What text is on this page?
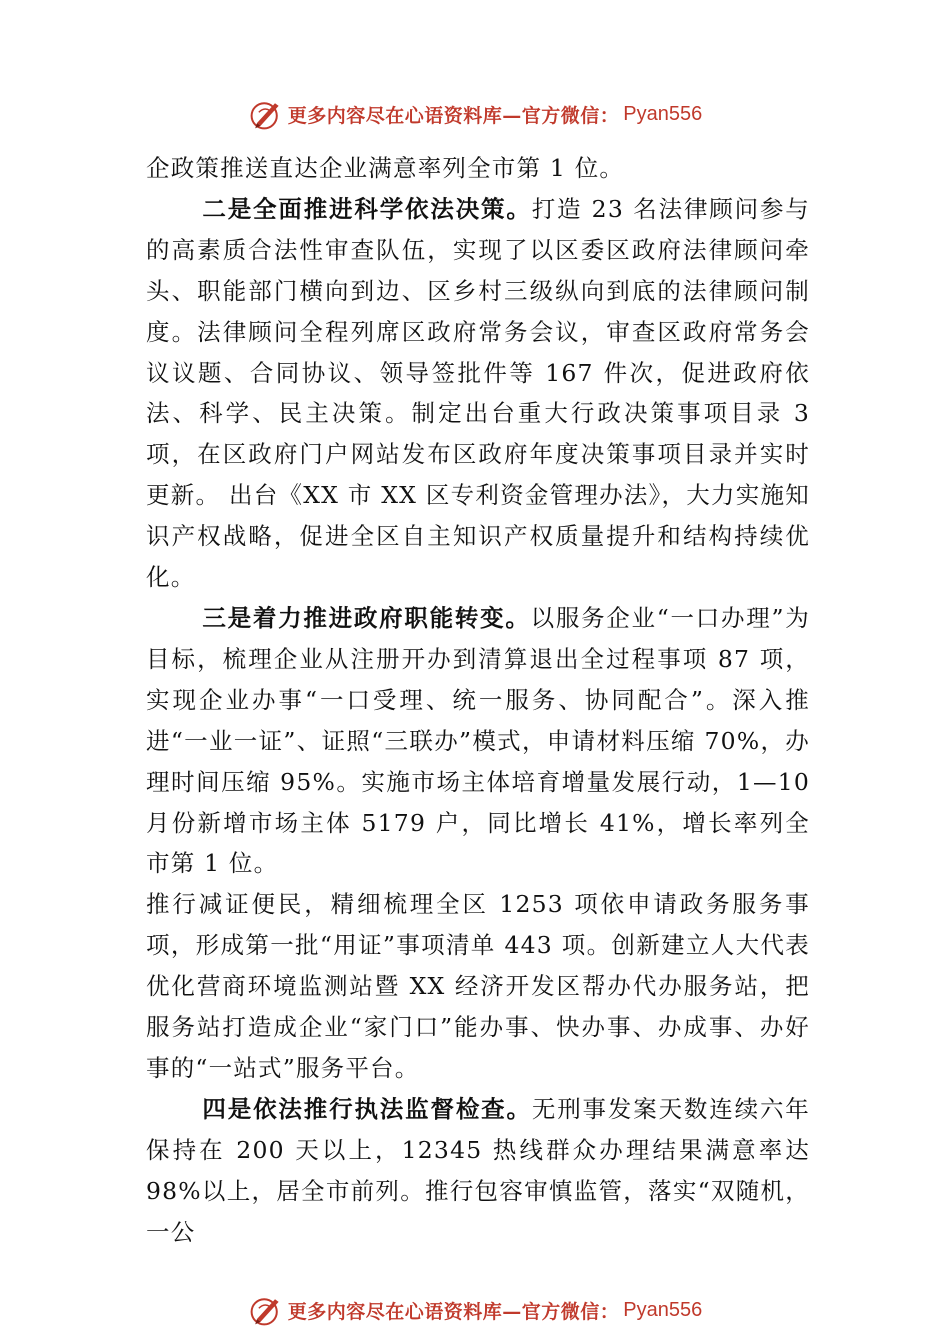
更多内容尽在心语资料库—官方微信： Pyan556

企政策推送直达企业满意率列全市第 1 位。

二是全面推进科学依法决策。打造 23 名法律顾问参与的高素质合法性审查队伍，实现了以区委区政府法律顾问牵头、职能部门横向到边、区乡村三级纵向到底的法律顾问制度。法律顾问全程列席区政府常务会议，审查区政府常务会议议题、合同协议、领导签批件等 167 件次，促进政府依法、科学、民主决策。制定出台重大行政决策事项目录 3 项，在区政府门户网站发布区政府年度决策事项目录并实时更新。 出台《XX 市 XX 区专利资金管理办法》，大力实施知识产权战略，促进全区自主知识产权质量提升和结构持续优化。

三是着力推进政府职能转变。以服务企业“一口办理”为目标，梳理企业从注册开办到清算退出全过程事项 87 项，实现企业办事“一口受理、统一服务、协同配合”。深入推进“一业一证”、证照“三联办”模式，申请材料压缩 70%，办理时间压缩 95%。实施市场主体培育增量发展行动，1—10 月份新增市场主体 5179 户，同比增长 41%，增长率列全市第 1 位。

推行减证便民，精细梳理全区 1253 项依申请政务服务事项，形成第一批“用证”事项清单 443 项。创新建立人大代表优化营商环境监测站暨 XX 经济开发区帮办代办服务站，把服务站打造成企业“家门口”能办事、快办事、办成事、办好事的“一站式”服务平台。

四是依法推行执法监督检查。无刑事发案天数连续六年保持在 200 天以上，12345 热线群众办理结果满意率达 98%以上，居全市前列。推行包容审慎监管，落实“双随机，一公

更多内容尽在心语资料库—官方微信： Pyan556
